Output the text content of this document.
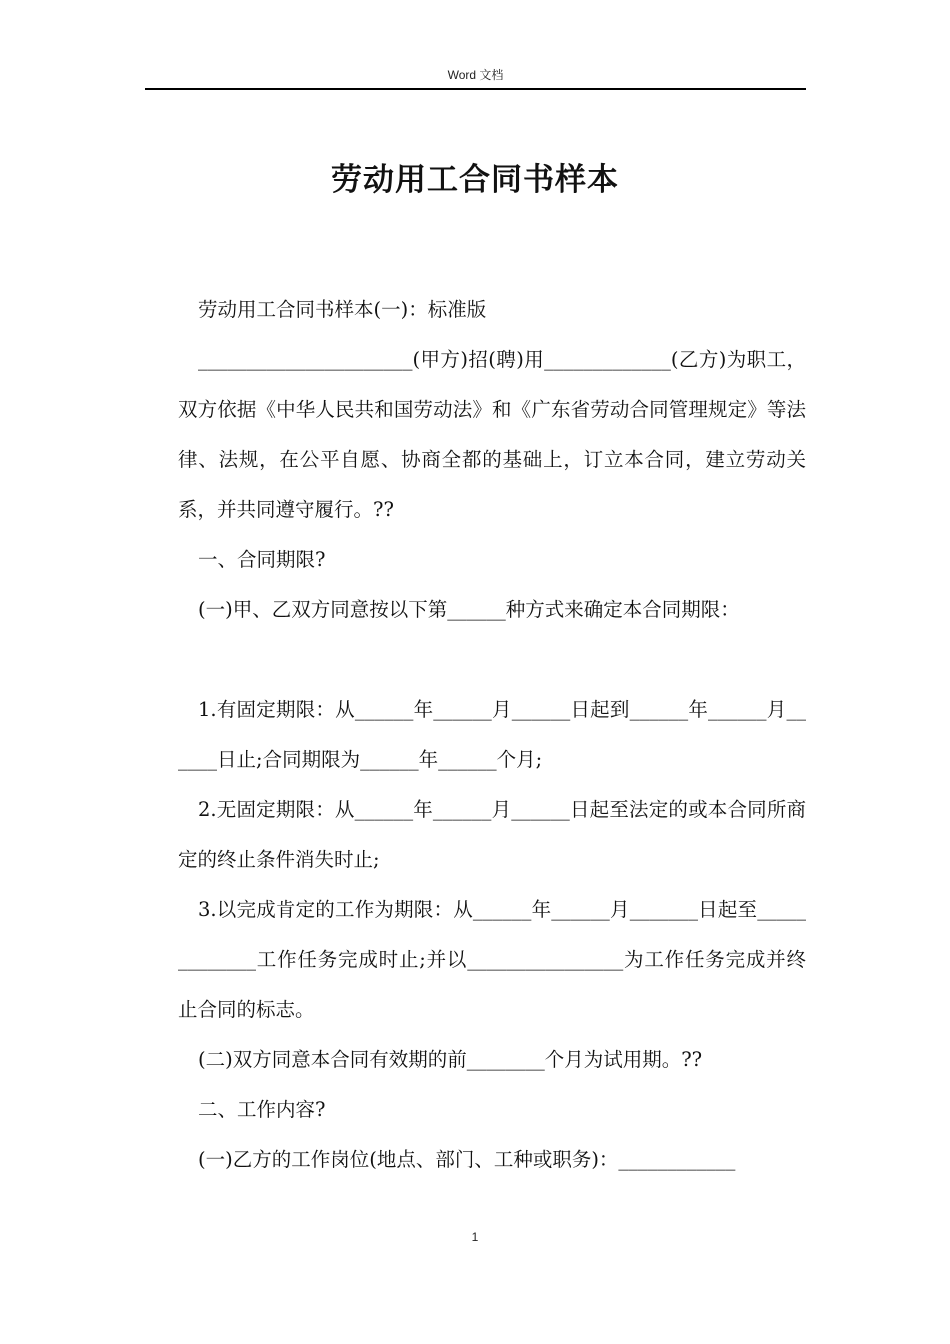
Word 文档
劳动用工合同书样本

劳动用工合同书样本(一)：标准版

______________________(甲方)招(聘)用_____________(乙方)为职工，双方依据《中华人民共和国劳动法》和《广东省劳动合同管理规定》等法律、法规，在公平自愿、协商全都的基础上，订立本合同，建立劳动关系，并共同遵守履行。??

一、合同期限?

(一)甲、乙双方同意按以下第______种方式来确定本合同期限：

1.有固定期限：从______年______月______日起到______年______月______日止;合同期限为______年______个月;

2.无固定期限：从______年______月______日起至法定的或本合同所商定的终止条件消失时止;

3.以完成肯定的工作为期限：从______年______月_______日起至_____________工作任务完成时止;并以________________为工作任务完成并终止合同的标志。

(二)双方同意本合同有效期的前________个月为试用期。??

二、工作内容?

(一)乙方的工作岗位(地点、部门、工种或职务)：____________

1
